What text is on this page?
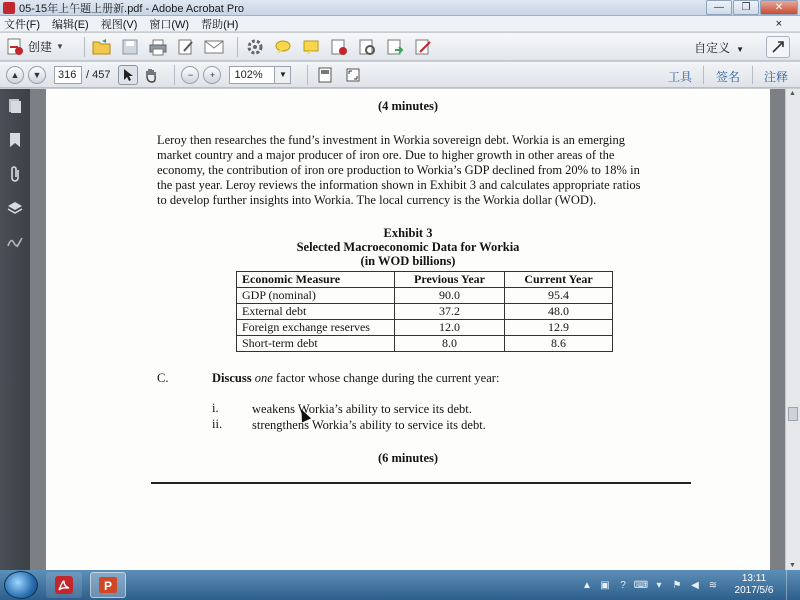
05-15年上午题上册新.pdf - Adobe Acrobat Pro	—	❐	✕
文件(F) 编辑(E) 视图(V) 窗口(W) 帮助(H)	×
创建 ▼	自定义 ▼
▲ ▼	316 / 457	− +	102%	▼	工具 签名 注释
(4 minutes)
Leroy then researches the fund’s investment in Workia sovereign debt. Workia is an emerging
market country and a major producer of iron ore. Due to higher growth in other areas of the
economy, the contribution of iron ore production to Workia’s GDP declined from 20% to 18% in
the past year. Leroy reviews the information shown in Exhibit 3 and calculates appropriate ratios
to develop further insights into Workia. The local currency is the Workia dollar (WOD).
Exhibit 3
Selected Macroeconomic Data for Workia
(in WOD billions)
Economic Measure	Previous Year	Current Year
GDP (nominal)	90.0	95.4
External debt	37.2	48.0
Foreign exchange reserves	12.0	12.9
Short-term debt	8.0	8.6
C.	Discuss one factor whose change during the current year:
i.	weakens Workia’s ability to service its debt.
ii. strengthens Workia’s ability to service its debt.
(6 minutes)
▲
▼
P	▲ ▣	? ⌨ ▾	⚑ ◀ ≋
13:11
2017/5/6
